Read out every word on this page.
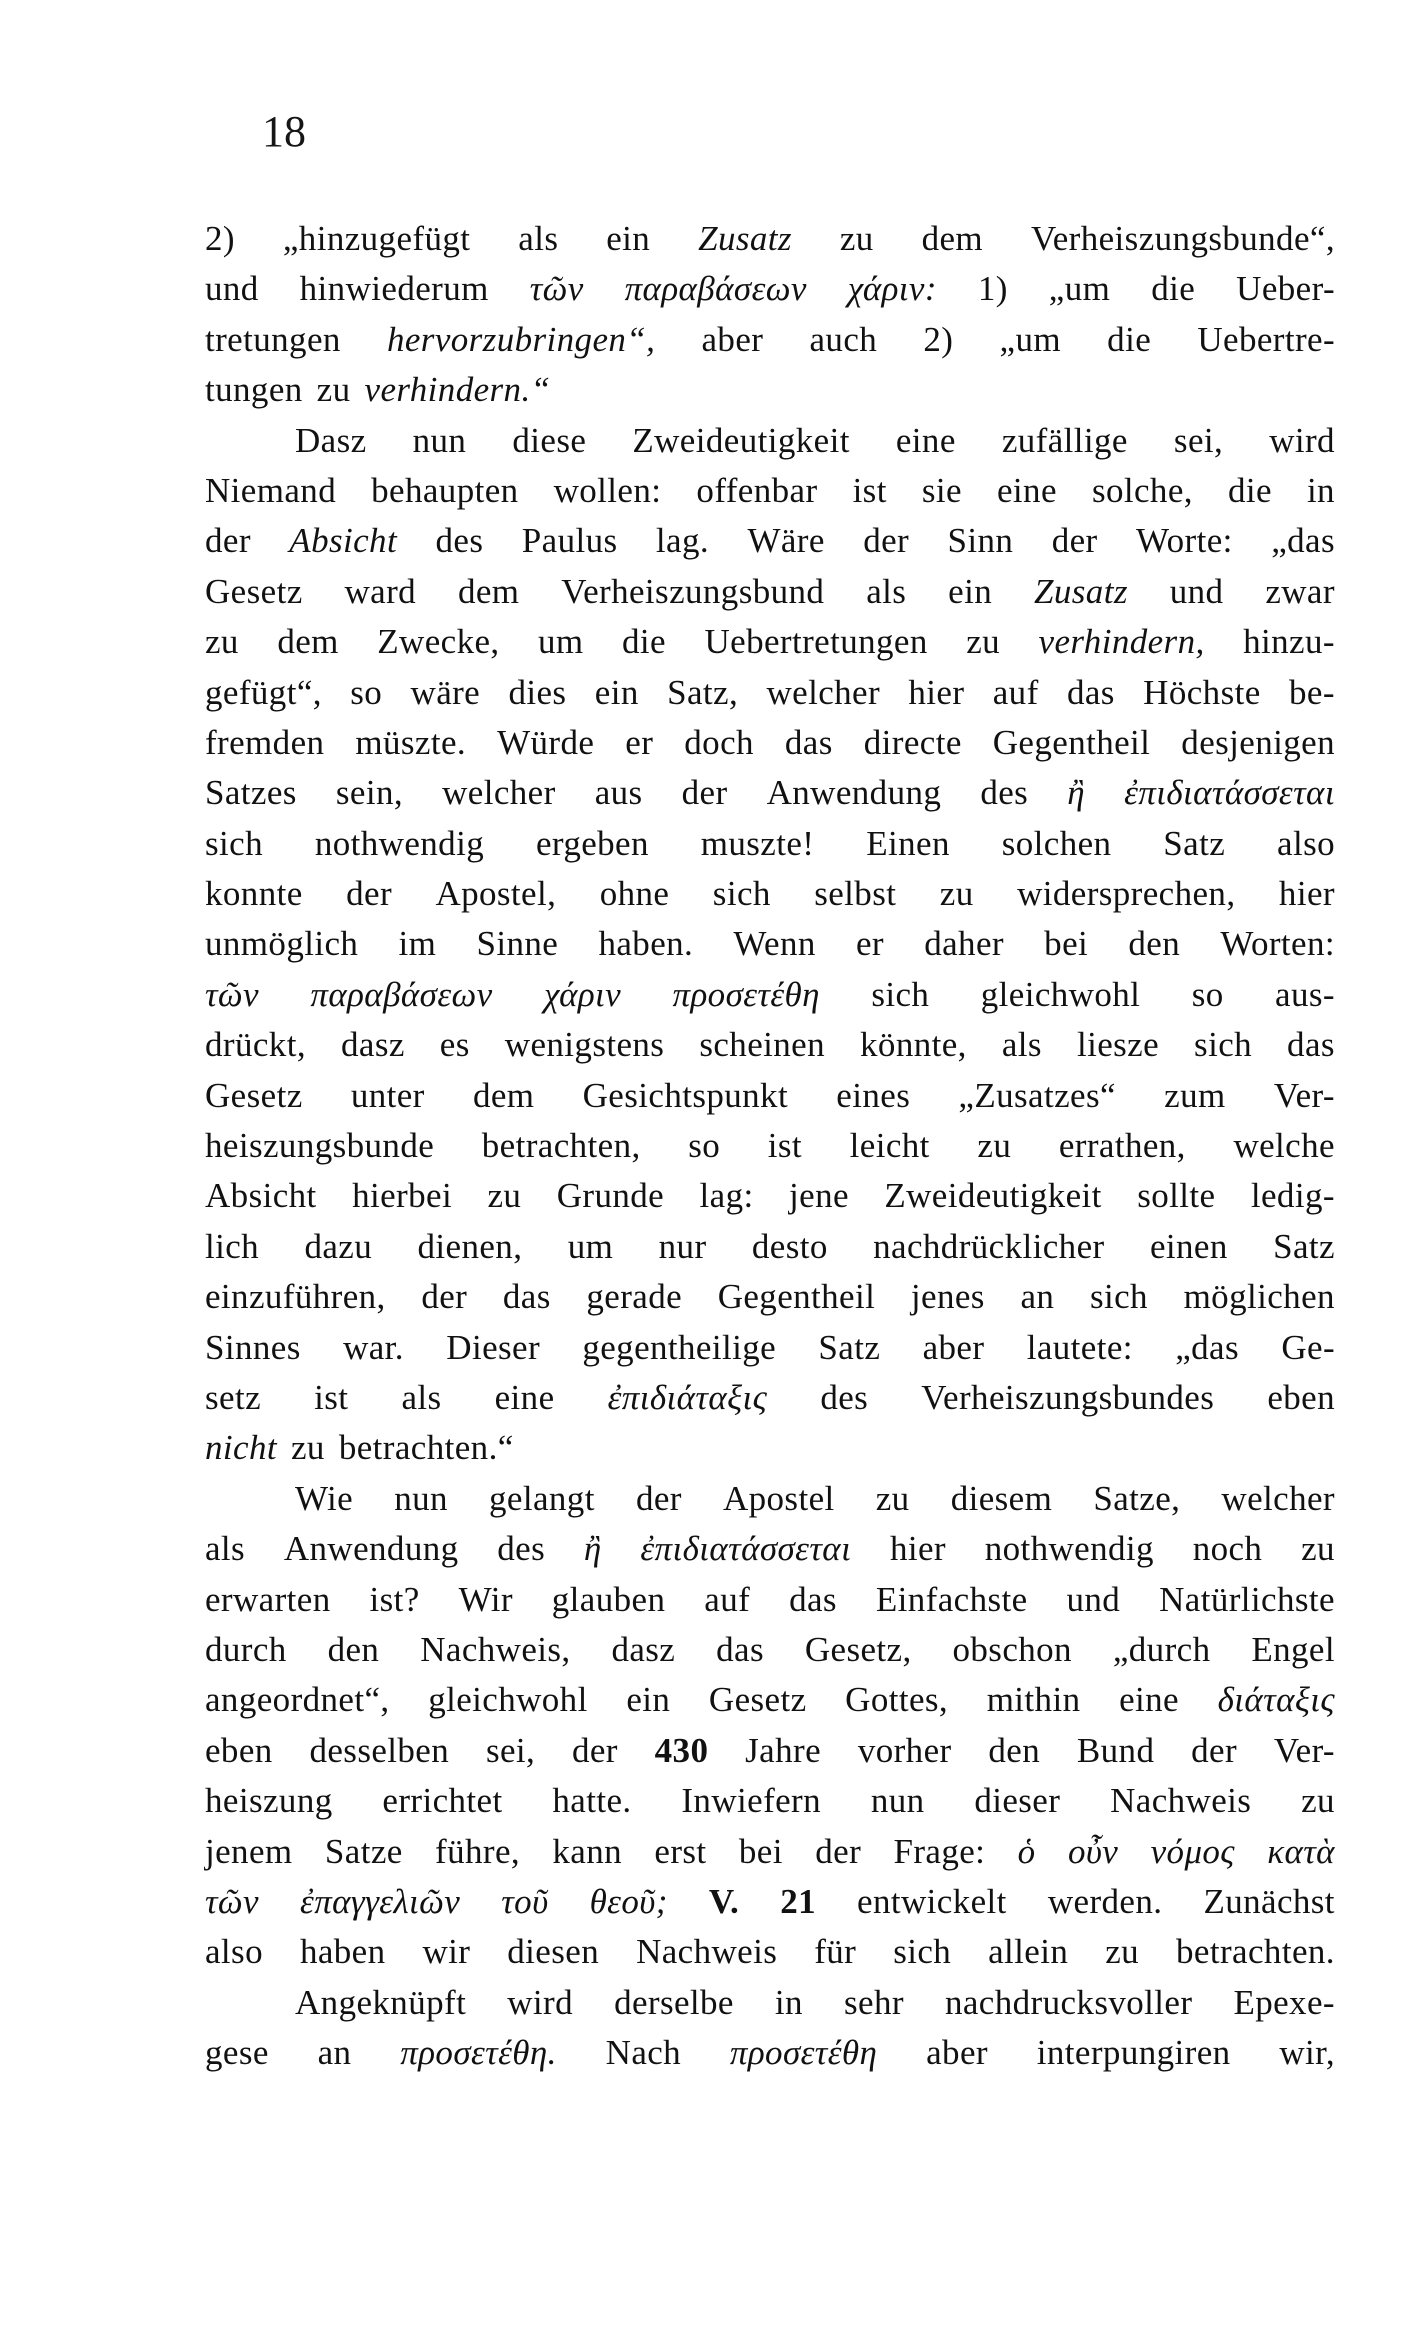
18
2) „hinzugefügt als ein Zusatz zu dem Verheiszungsbunde“,
und hinwiederum τῶν παραβάσεων χάριν: 1) „um die Ueber-
tretungen hervorzubringen“, aber auch 2) „um die Uebertre-
tungen zu verhindern.“
Dasz nun diese Zweideutigkeit eine zufällige sei, wird
Niemand behaupten wollen: offenbar ist sie eine solche, die in
der Absicht des Paulus lag. Wäre der Sinn der Worte: „das
Gesetz ward dem Verheiszungsbund als ein Zusatz und zwar
zu dem Zwecke, um die Uebertretungen zu verhindern, hinzu-
gefügt“, so wäre dies ein Satz, welcher hier auf das Höchste be-
fremden müszte. Würde er doch das directe Gegentheil desjenigen
Satzes sein, welcher aus der Anwendung des ἢ ἐπιδιατάσσεται
sich nothwendig ergeben muszte! Einen solchen Satz also
konnte der Apostel, ohne sich selbst zu widersprechen, hier
unmöglich im Sinne haben. Wenn er daher bei den Worten:
τῶν παραβάσεων χάριν προσετέθη sich gleichwohl so aus-
drückt, dasz es wenigstens scheinen könnte, als liesze sich das
Gesetz unter dem Gesichtspunkt eines „Zusatzes“ zum Ver-
heiszungsbunde betrachten, so ist leicht zu errathen, welche
Absicht hierbei zu Grunde lag: jene Zweideutigkeit sollte ledig-
lich dazu dienen, um nur desto nachdrücklicher einen Satz
einzuführen, der das gerade Gegentheil jenes an sich möglichen
Sinnes war. Dieser gegentheilige Satz aber lautete: „das Ge-
setz ist als eine ἐπιδιάταξις des Verheiszungsbundes eben
nicht zu betrachten.“
Wie nun gelangt der Apostel zu diesem Satze, welcher
als Anwendung des ἢ ἐπιδιατάσσεται hier nothwendig noch zu
erwarten ist? Wir glauben auf das Einfachste und Natürlichste
durch den Nachweis, dasz das Gesetz, obschon „durch Engel
angeordnet“, gleichwohl ein Gesetz Gottes, mithin eine διάταξις
eben desselben sei, der 430 Jahre vorher den Bund der Ver-
heiszung errichtet hatte. Inwiefern nun dieser Nachweis zu
jenem Satze führe, kann erst bei der Frage: ὁ οὖν νόμος κατὰ
τῶν ἐπαγγελιῶν τοῦ θεοῦ; V. 21 entwickelt werden. Zunächst
also haben wir diesen Nachweis für sich allein zu betrachten.
Angeknüpft wird derselbe in sehr nachdrucksvoller Epexe-
gese an προσετέθη. Nach προσετέθη aber interpungiren wir,
